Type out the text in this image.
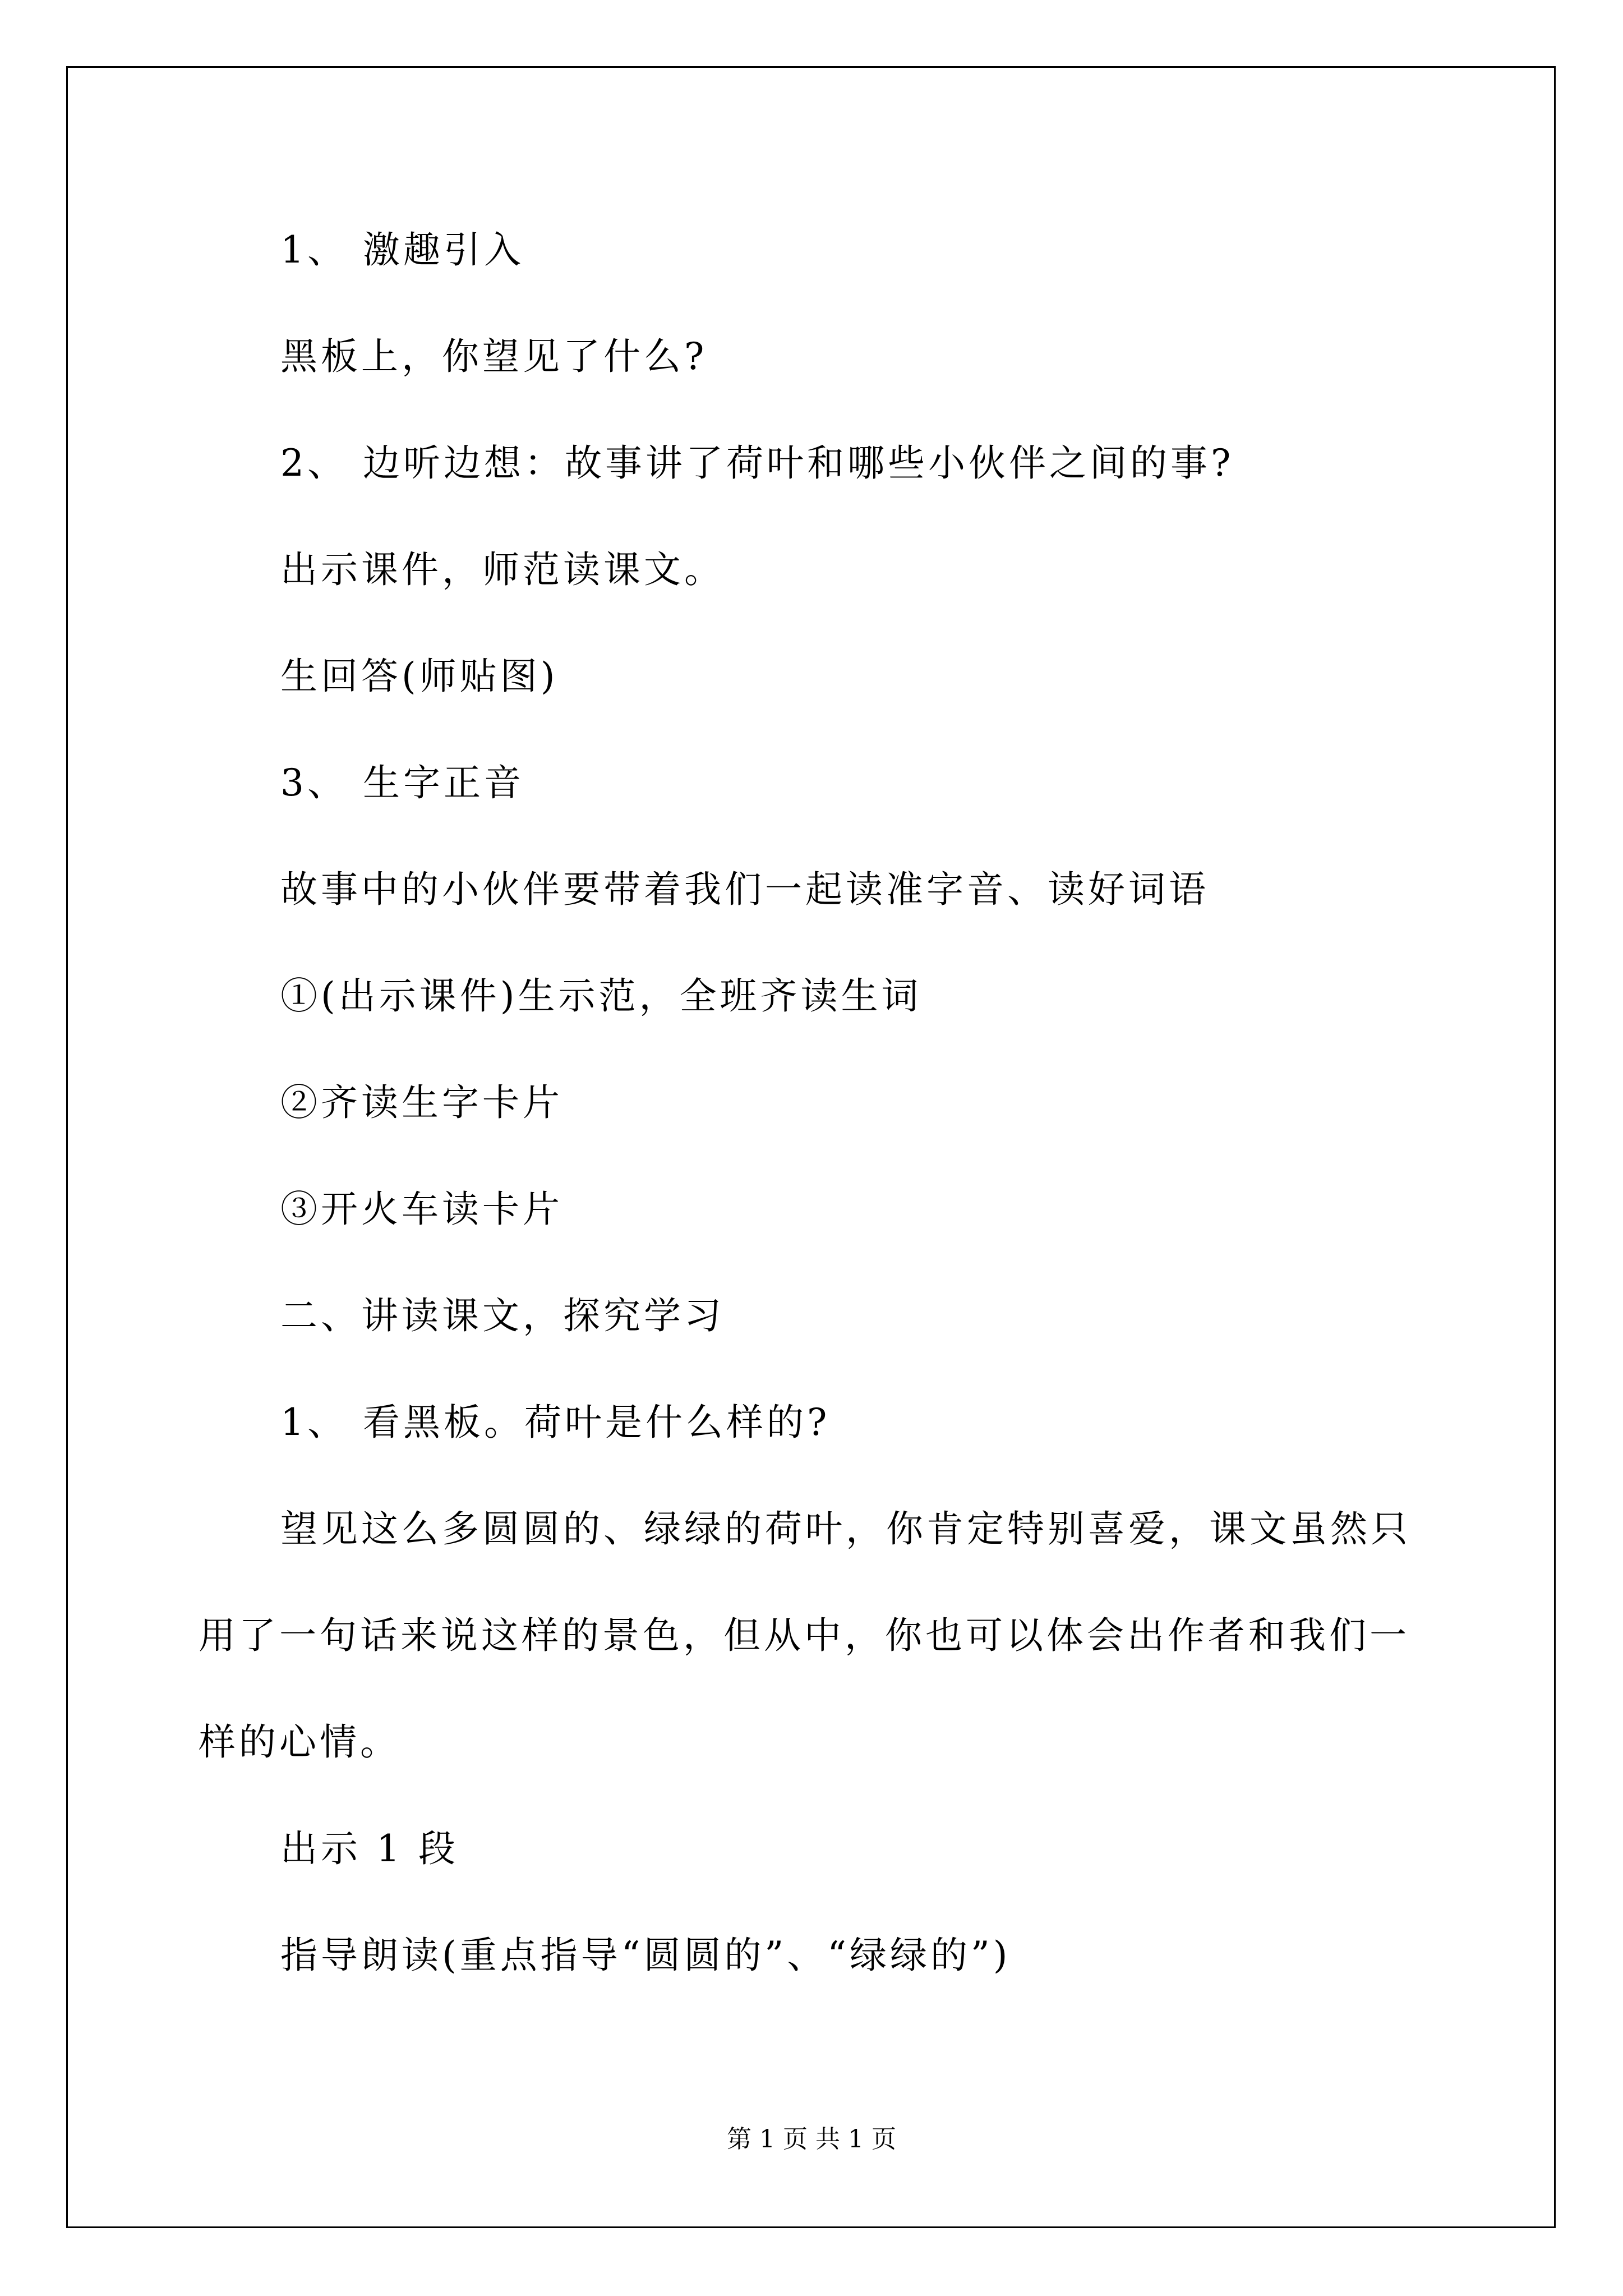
1、 激趣引入
黑板上，你望见了什么?
2、 边听边想：故事讲了荷叶和哪些小伙伴之间的事?
出示课件，师范读课文。
生回答(师贴图)
3、 生字正音
故事中的小伙伴要带着我们一起读准字音、读好词语
①(出示课件)生示范，全班齐读生词
②齐读生字卡片
③开火车读卡片
二、讲读课文，探究学习
1、 看黑板。荷叶是什么样的?
望见这么多圆圆的、绿绿的荷叶，你肯定特别喜爱，课文虽然只
用了一句话来说这样的景色，但从中，你也可以体会出作者和我们一
样的心情。
出示 1 段
指导朗读(重点指导“圆圆的”、“绿绿的”)
第 1 页 共 1 页
